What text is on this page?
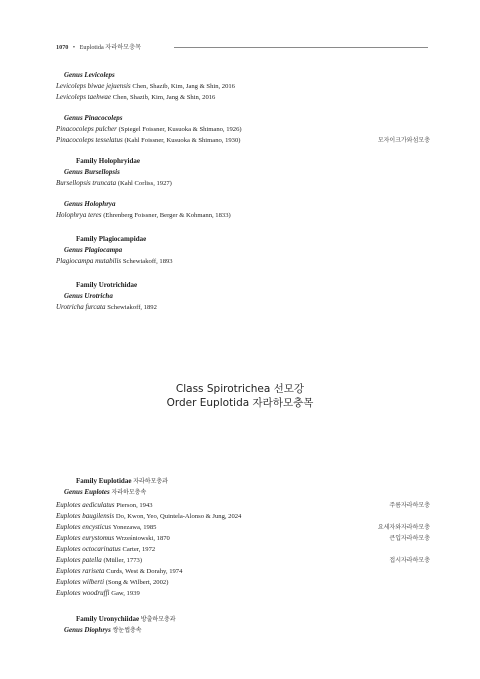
1070 • Euplotida 자라하모충목
Genus Levicoleps
Levicoleps biwae jejuensis Chen, Shazib, Kim, Jang & Shin, 2016
Levicoleps taehwae Chen, Shazib, Kim, Jang & Shin, 2016
Genus Pinacocoleps
Pinacocoleps pulcher (Spiegel Foissner, Kusuoka & Shimano, 1926)
Pinacocoleps tesselatus (Kahl Foissner, Kusuoka & Shimano, 1930)	모자이크가와섬모충
Family Holophryidae
Genus Bursellopsis
Bursellopsis truncata (Kahl Corliss, 1927)
Genus Holophrya
Holophrya teres (Ehrenberg Foissner, Berger & Kohmann, 1833)
Family Plagiocampidae
Genus Plagiocampa
Plagiocampa mutabilis Schewiakoff, 1893
Family Urotrichidae
Genus Urotricha
Urotricha furcata Schewiakoff, 1892
Class Spirotrichea 선모강
Order Euplotida 자라하모충목
Family Euplotidae 자라하모충과
Genus Euplotes 자라하모충속
Euplotes aediculatus Pierson, 1943	주름자라하모충
Euplotes baugilensis Do, Kwon, Yeo, Quintela-Alonso & Jung, 2024
Euplotes encysticus Yonezawa, 1985	요세자와자라하모충
Euplotes eurystomus Wrześniowski, 1870	큰입자라하모충
Euplotes octocarinatus Carter, 1972
Euplotes patella (Müller, 1773)	접시자라하모충
Euplotes rariseta Curds, West & Dorahy, 1974
Euplotes wilberti (Song & Wilbert, 2002)
Euplotes woodruffi Gaw, 1939
Family Uronychiidae 방출하모충과
Genus Diophrys 쌍눈썹충속
